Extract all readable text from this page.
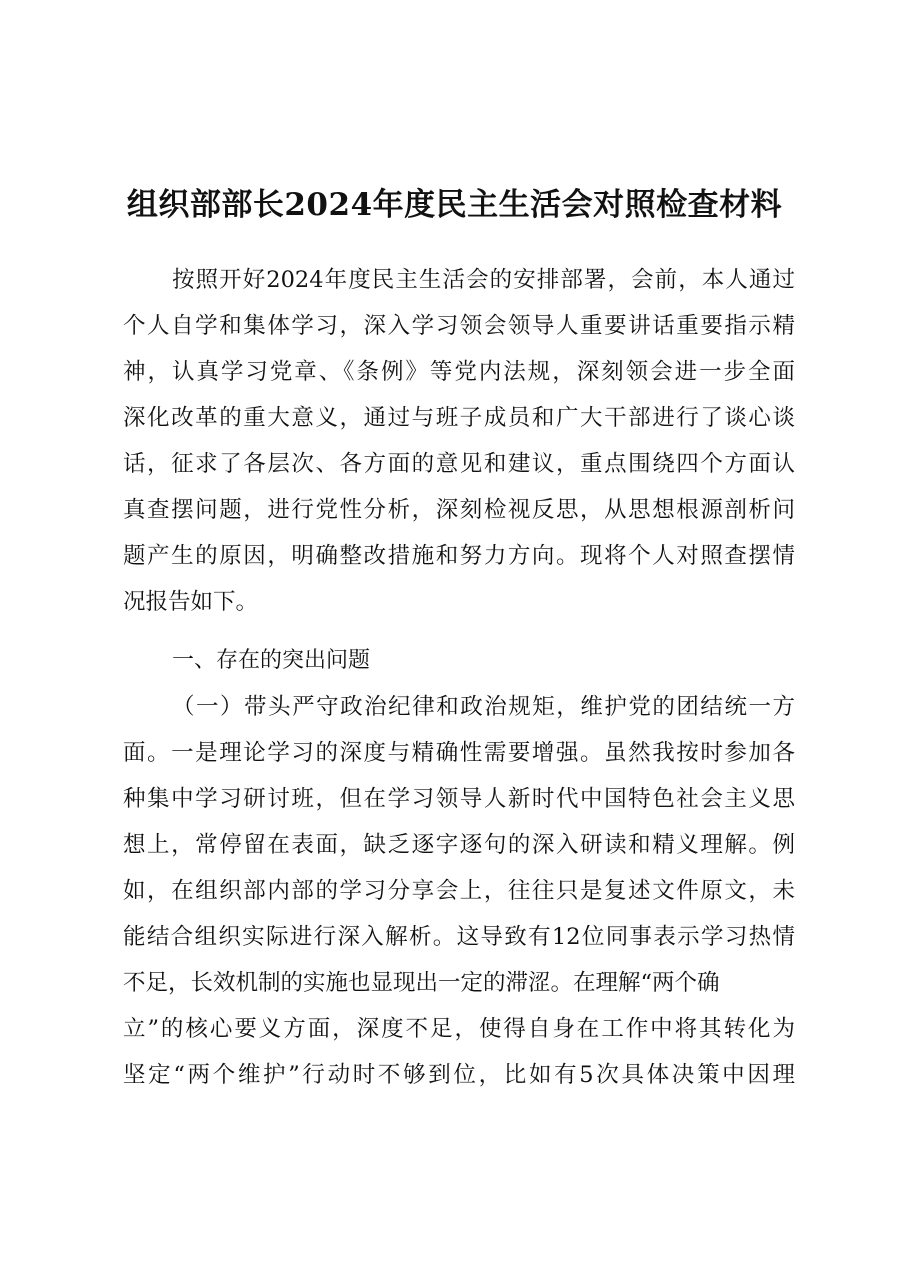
组织部部长2024年度民主生活会对照检查材料
按照开好2024年度民主生活会的安排部署，会前，本人通过
个人自学和集体学习，深入学习领会领导人重要讲话重要指示精
神，认真学习党章、《条例》等党内法规，深刻领会进一步全面
深化改革的重大意义，通过与班子成员和广大干部进行了谈心谈
话，征求了各层次、各方面的意见和建议，重点围绕四个方面认
真查摆问题，进行党性分析，深刻检视反思，从思想根源剖析问
题产生的原因，明确整改措施和努力方向。现将个人对照查摆情
况报告如下。
一、存在的突出问题
（一）带头严守政治纪律和政治规矩，维护党的团结统一方
面。一是理论学习的深度与精确性需要增强。虽然我按时参加各
种集中学习研讨班，但在学习领导人新时代中国特色社会主义思
想上，常停留在表面，缺乏逐字逐句的深入研读和精义理解。例
如，在组织部内部的学习分享会上，往往只是复述文件原文，未
能结合组织实际进行深入解析。这导致有12位同事表示学习热情
不足，长效机制的实施也显现出一定的滞涩。在理解“两个确
立”的核心要义方面，深度不足，使得自身在工作中将其转化为
坚定“两个维护”行动时不够到位，比如有5次具体决策中因理
